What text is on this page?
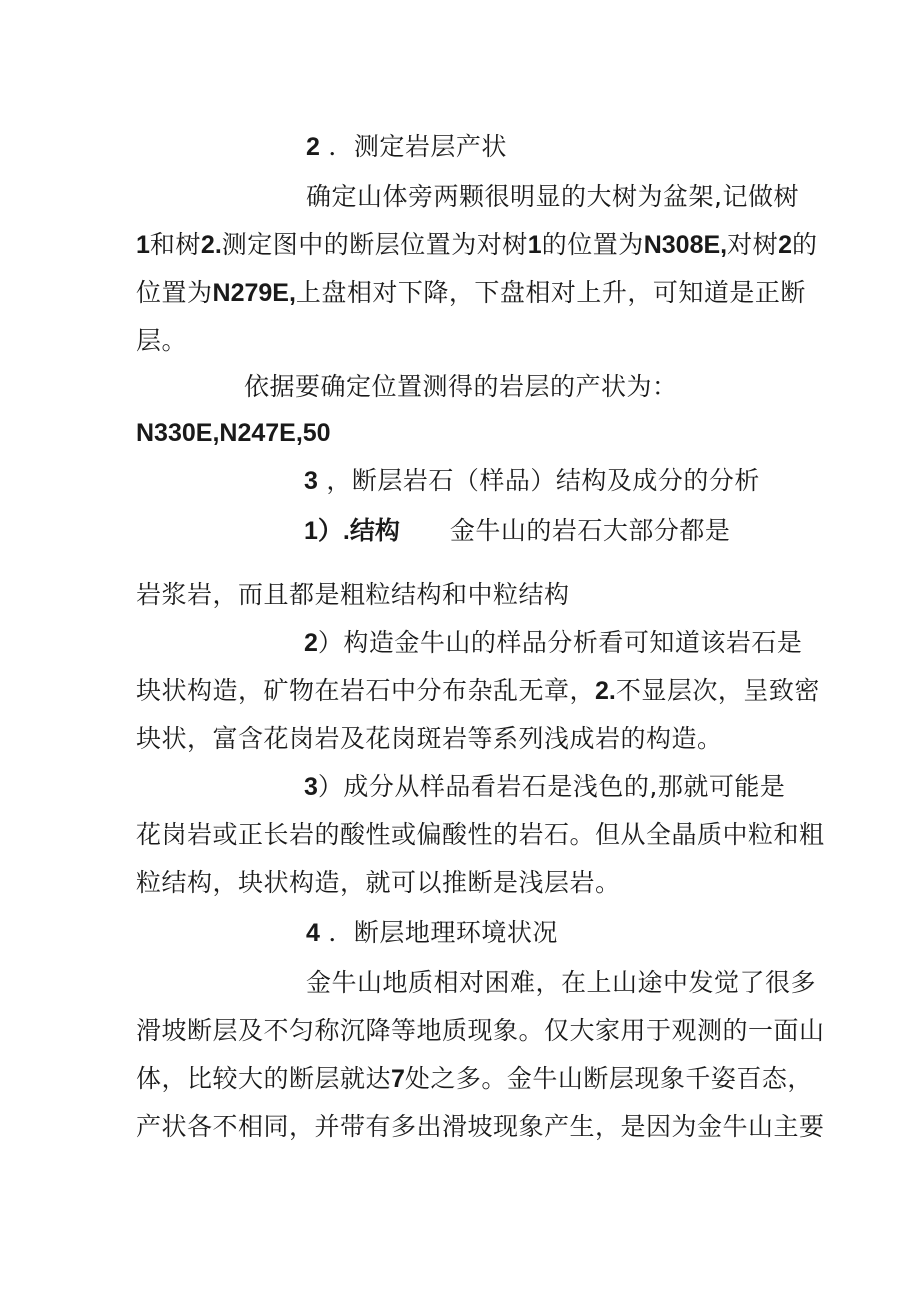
2 ．测定岩层产状
确定山体旁两颗很明显的大树为盆架,记做树
1和树2.测定图中的断层位置为对树1的位置为N308E,对树2的
位置为N279E,上盘相对下降，下盘相对上升，可知道是正断
层。
依据要确定位置测得的岩层的产状为：
N330E,N247E,50
3 ，断层岩石（样品）结构及成分的分析
1）.结构 金牛山的岩石大部分都是
岩浆岩，而且都是粗粒结构和中粒结构
2）构造金牛山的样品分析看可知道该岩石是
块状构造，矿物在岩石中分布杂乱无章，2.不显层次，呈致密
块状，富含花岗岩及花岗斑岩等系列浅成岩的构造。
3）成分从样品看岩石是浅色的,那就可能是
花岗岩或正长岩的酸性或偏酸性的岩石。但从全晶质中粒和粗
粒结构，块状构造，就可以推断是浅层岩。
4 ．断层地理环境状况
金牛山地质相对困难，在上山途中发觉了很多
滑坡断层及不匀称沉降等地质现象。仅大家用于观测的一面山
体，比较大的断层就达7处之多。金牛山断层现象千姿百态，
产状各不相同，并带有多出滑坡现象产生，是因为金牛山主要
